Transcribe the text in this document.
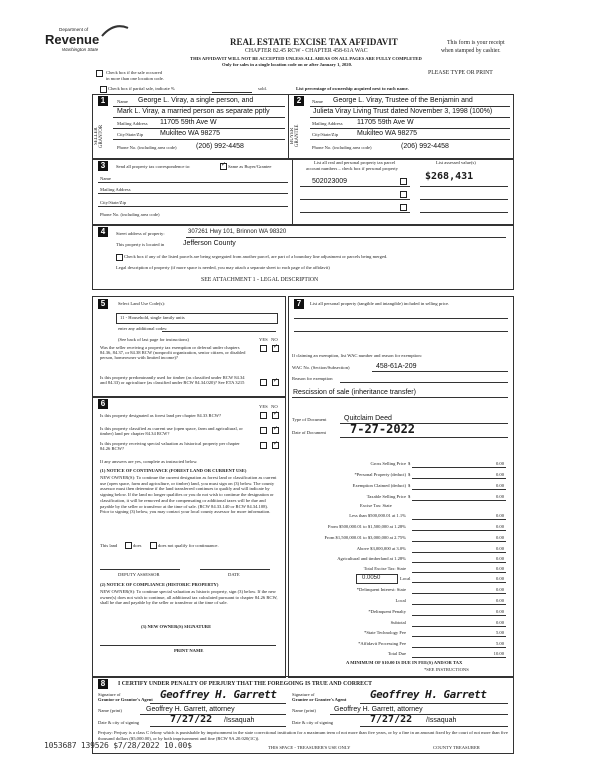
Department of
Revenue
Washington State
REAL ESTATE EXCISE TAX AFFIDAVIT
CHAPTER 82.45 RCW - CHAPTER 458-61A WAC
THIS AFFIDAVIT WILL NOT BE ACCEPTED UNLESS ALL AREAS ON ALL PAGES ARE FULLY COMPLETED
Only for sales in a single location code on or after January 1, 2020.
This form is your receipt
when stamped by cashier.
PLEASE TYPE OR PRINT
Check box if the sale occurred
in more than one location code.
Check box if partial sale, indicate %	sold.	List percentage of ownership acquired next to each name.
1
SELLER GRANTOR
Name George L. Viray, a single person, and
Mark L. Viray, a married person as separate pptly
Mailing Address 11705 59th Ave W
City/State/Zip Mukilteo WA 98275
Phone No. (including area code)	(206) 992-4458
2
BUYER GRANTEE
Name George L. Viray, Trustee of the Benjamin and
Julieta Viray Living Trust dated November 3, 1998 (100%)
Mailing Address 11705 59th Ave W
City/State/Zip	Mukilteo WA 98275
Phone No. (including area code)	(206) 992-4458
3	Send all property tax correspondence to: ✓	Same as Buyer/Grantee
Name
Mailing Address
City/State/Zip
Phone No. (including area code)
List all real and personal property tax parcel
account numbers – check box if personal property
List assessed value(s)
502023009	$268,431
4	Street address of property:	307261 Hwy 101, Brinnon WA 98320
This property is located in	Jefferson County
Check box if any of the listed parcels are being segregated from another parcel, are part of a boundary line adjustment or parcels being merged.
Legal description of property (if more space is needed, you may attach a separate sheet to each page of the affidavit)
SEE ATTACHMENT 1 - LEGAL DESCRIPTION
5	Select Land Use Code(s):
11 - Household, single family units
enter any additional codes:
(See back of last page for instructions)	YES NO
Was the seller receiving a property tax exemption or deferral under chapters 84.36, 84.37, or 84.38 RCW (nonprofit organization, senior citizen, or disabled person, homeowner with limited income)?
✓
Is this property predominantly used for timber (as classified under RCW 84.34 and 84.33) or agriculture (as classified under RCW 84.34.020)? See ETA 3215
✓
6	YES NO
Is this property designated as forest land per chapter 84.33 RCW?
✓
Is this property classified as current use (open space, farm and agricultural, or timber) land per chapter 84.34 RCW?
✓
Is this property receiving special valuation as historical property per chapter 84.26 RCW?
✓
If any answers are yes, complete as instructed below.
(1) NOTICE OF CONTINUANCE (FOREST LAND OR CURRENT USE)
NEW OWNER(S): To continue the current designation as forest land or classification as current use (open space, farm and agriculture, or timber) land, you must sign on (3) below. The county assessor must then determine if the land transferred continues to qualify and will indicate by signing below. If the land no longer qualifies or you do not wish to continue the designation or classification, it will be removed and the compensating or additional taxes will be due and payable by the seller or transferor at the time of sale. (RCW 84.33.140 or RCW 84.34.108). Prior to signing (3) below, you may contact your local county assessor for more information.
This land	does	does not qualify for continuance.
DEPUTY ASSESSOR	DATE
(2) NOTICE OF COMPLIANCE (HISTORIC PROPERTY)
NEW OWNER(S): To continue special valuation as historic property, sign (3) below. If the new owner(s) does not wish to continue, all additional tax calculated pursuant to chapter 84.26 RCW, shall be due and payable by the seller or transferor at the time of sale.
(3) NEW OWNER(S) SIGNATURE
PRINT NAME
7	List all personal property (tangible and intangible) included in selling price.
If claiming an exemption, list WAC number and reason for exemption:
WAC No. (Section/Subsection)	458-61A-209
Reason for exemption
Rescission of sale (inheritance transfer)
Type of Document	Quitclaim Deed
Date of Document 7-27-2022
Gross Selling Price $	0.00
*Personal Property (deduct) $	0.00
Exemption Claimed (deduct) $	0.00
Taxable Selling Price $	0.00
Excise Tax: State
Less than $500,000.01 at 1.1%	0.00
From $500,000.01 to $1,500,000 at 1.28%	0.00
From $1,500,000.01 to $3,000,000 at 2.75%	0.00
Above $3,000,000 at 3.0%	0.00
Agricultural and timberland at 1.28%	0.00
Total Excise Tax: State	0.00
0.0050	Local	0.00
*Delinquent Interest: State	0.00
Local	0.00
*Delinquent Penalty	0.00
Subtotal	0.00
*State Technology Fee	5.00
*Affidavit Processing Fee	5.00
Total Due	10.00
A MINIMUM OF $10.00 IS DUE IN FEE(S) AND/OR TAX
*SEE INSTRUCTIONS
8	I CERTIFY UNDER PENALTY OF PERJURY THAT THE FOREGOING IS TRUE AND CORRECT
Signature of
Grantor or Grantor's Agent Geoffrey H. Garrett	Signature of
Grantee or Grantee's Agent Geoffrey H. Garrett
Name (print)	Geoffrey H. Garrett, attorney	Name (print)	Geoffrey H. Garrett, attorney
Date & city of signing	7/27/22 /Issaquah	Date & city of signing	7/27/22 /Issaquah
Perjury: Perjury is a class C felony which is punishable by imprisonment in the state correctional institution for a maximum term of not more than five years, or by a fine in an amount fixed by the court of not more than five thousand dollars ($5,000.00), or by both imprisonment and fine (RCW 9A.20.020(1C)).
1053687 139526 $7/28/2022 10.00$	THIS SPACE - TREASURER'S USE ONLY	COUNTY TREASURER
